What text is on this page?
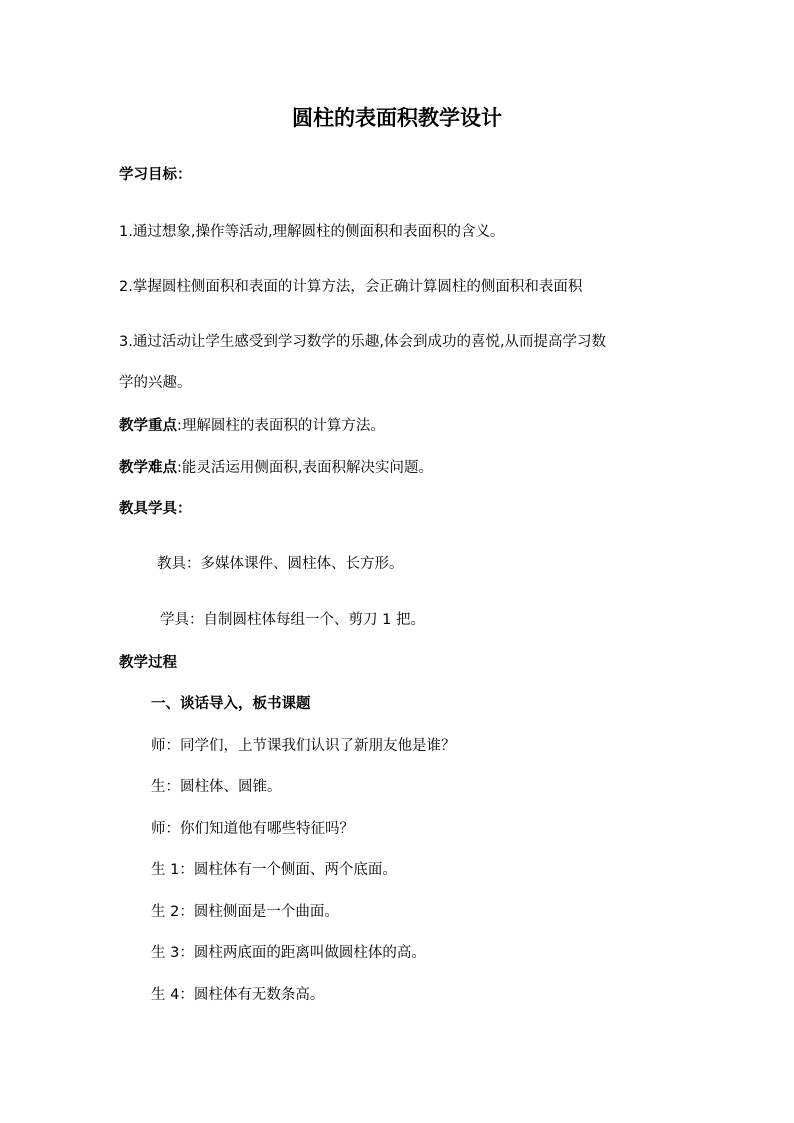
圆柱的表面积教学设计
学习目标：
1.通过想象,操作等活动,理解圆柱的侧面积和表面积的含义。
2.掌握圆柱侧面积和表面的计算方法，会正确计算圆柱的侧面积和表面积
3.通过活动让学生感受到学习数学的乐趣,体会到成功的喜悦,从而提高学习数
学的兴趣。
教学重点:理解圆柱的表面积的计算方法。
教学难点:能灵活运用侧面积,表面积解决实问题。
教具学具：
教具：多媒体课件、圆柱体、长方形。
学具：自制圆柱体每组一个、剪刀 1 把。
教学过程
一、谈话导入，板书课题
师：同学们，上节课我们认识了新朋友他是谁？
生：圆柱体、圆锥。
师：你们知道他有哪些特征吗？
生 1：圆柱体有一个侧面、两个底面。
生 2：圆柱侧面是一个曲面。
生 3：圆柱两底面的距离叫做圆柱体的高。
生 4：圆柱体有无数条高。
